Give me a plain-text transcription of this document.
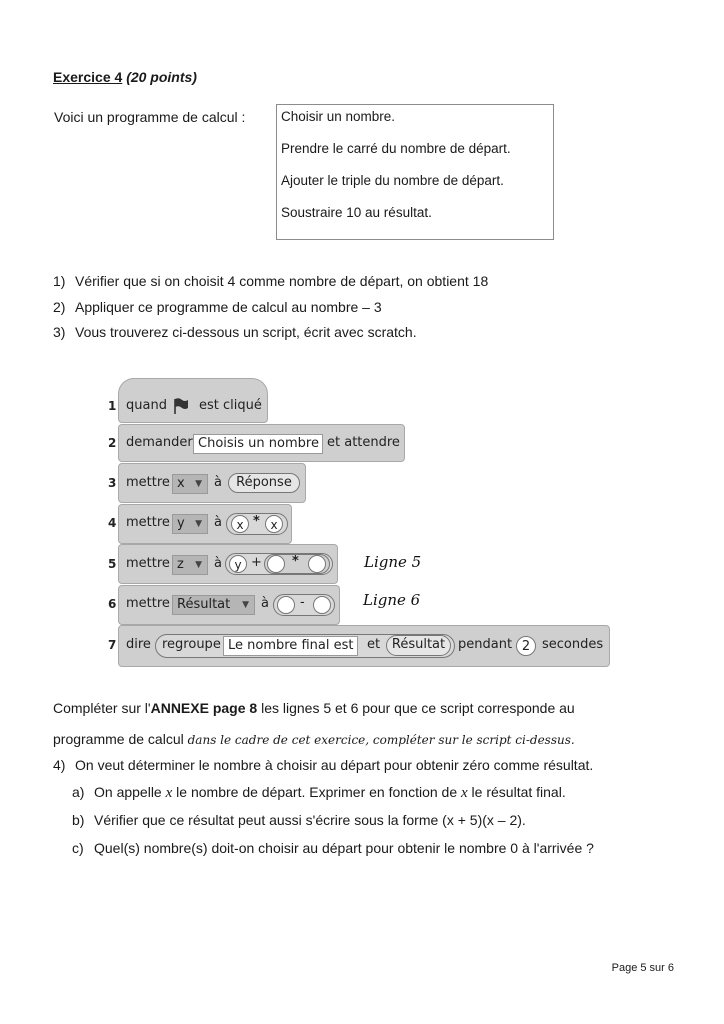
Exercice 4 (20 points)
Voici un programme de calcul :	Choisir un nombre.
Prendre le carré du nombre de départ.
Ajouter le triple du nombre de départ.
Soustraire 10 au résultat.
1) Vérifier que si on choisit 4 comme nombre de départ, on obtient 18
2) Appliquer ce programme de calcul au nombre – 3
3) Vous trouverez ci-dessous un script, écrit avec scratch.
1 quand est cliqué
2 demander Choisis un nombre et attendre
3 mettre x ▼ à	Réponse
4 mettre y ▼ à	x * x
5 mettre z ▼ à	y + *	Ligne 5
6 mettre Résultat ▼ à -	Ligne 6
7 dire regroupe Le nombre final est	et Résultat pendant 2 secondes
Compléter sur l'ANNEXE page 8 les lignes 5 et 6 pour que ce script corresponde au
programme de calcul dans le cadre de cet exercice, compléter sur le script ci-dessus.
4) On veut déterminer le nombre à choisir au départ pour obtenir zéro comme résultat.
a) On appelle x le nombre de départ. Exprimer en fonction de x le résultat final.
b) Vérifier que ce résultat peut aussi s'écrire sous la forme (x + 5)(x – 2).
c) Quel(s) nombre(s) doit-on choisir au départ pour obtenir le nombre 0 à l'arrivée ?
Page 5 sur 6
